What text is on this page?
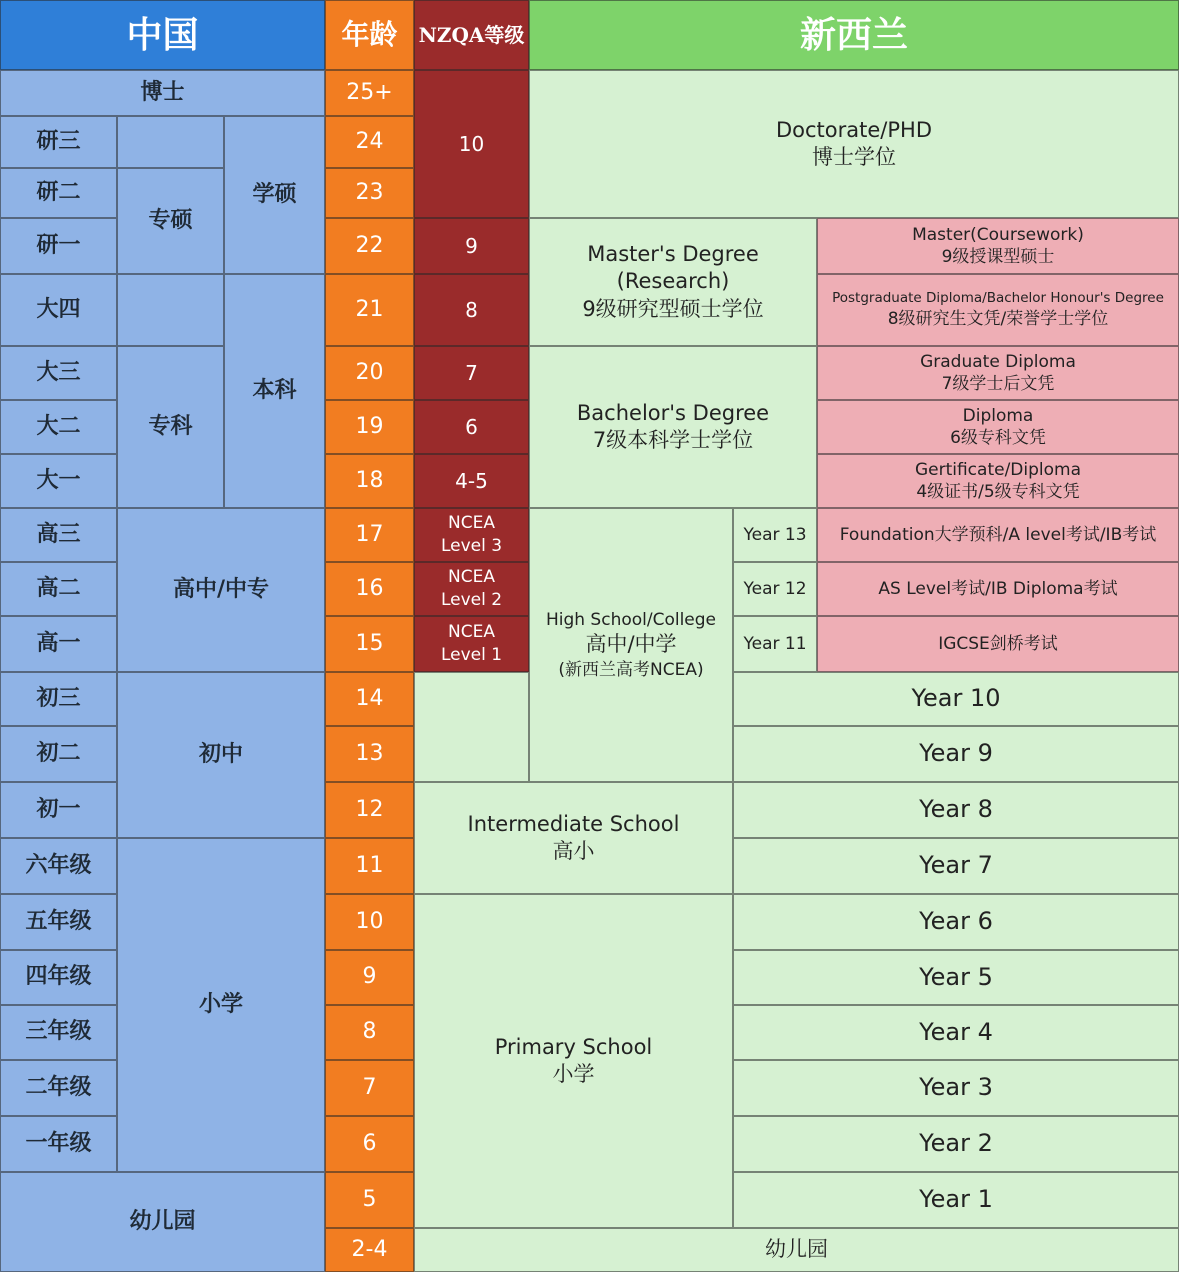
中国	年龄 NZQA等级	新西兰
博士
研三
研二
研一
专硕
学硕
大四
大三
大二
大一
专科
本科
高三
高二
高一
高中/中专
初三
初二
初一
初中
六年级
五年级
四年级
三年级
二年级
一年级
小学
幼儿园
25+
24
23
22
21
20
19
18
17
16
15
14
13
12
11
10
9
8
7
6
5
2-4
10
9
8
7
6
4-5
NCEA
Level 3
NCEA
Level 2
NCEA
Level 1
Doctorate/PHD
博士学位
Master's Degree
(Research)
9级研究型硕士学位
Master(Coursework)
9级授课型硕士
Postgraduate Diploma/Bachelor Honour's Degree
8级研究生文凭/荣誉学士学位
Bachelor's Degree
7级本科学士学位
Graduate Diploma
7级学士后文凭
Diploma
6级专科文凭
Gertificate/Diploma
4级证书/5级专科文凭
High School/College
高中/中学
(新西兰高考NCEA)
Year 13
Year 12
Year 11
Foundation大学预科/A level考试/IB考试
AS Level考试/IB Diploma考试
IGCSE剑桥考试
Intermediate School
高小
Primary School
小学
Year 10
Year 9
Year 8
Year 7
Year 6
Year 5
Year 4
Year 3
Year 2
Year 1
幼儿园
